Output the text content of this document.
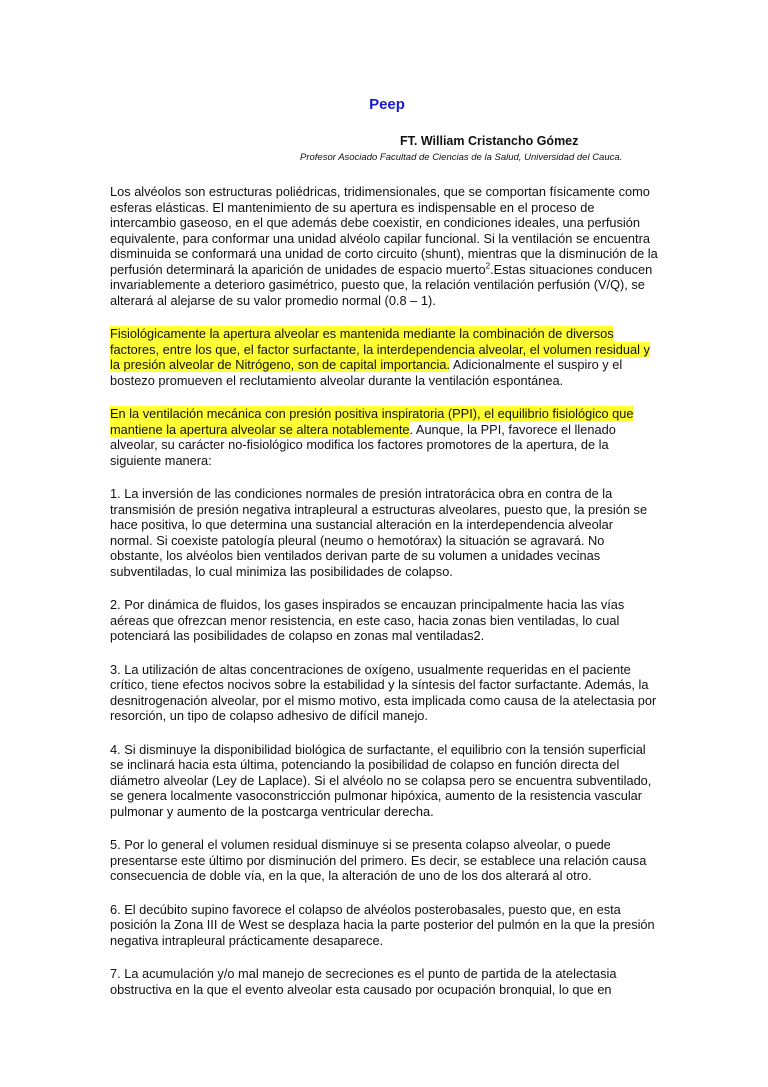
Peep
FT. William Cristancho Gómez
Profesor Asociado Facultad de Ciencias de la Salud, Universidad del Cauca.

Los alvéolos son estructuras poliédricas, tridimensionales, que se comportan físicamente como esferas elásticas. El mantenimiento de su apertura es indispensable en el proceso de intercambio gaseoso, en el que además debe coexistir, en condiciones ideales, una perfusión equivalente, para conformar una unidad alvéolo capilar funcional. Si la ventilación se encuentra disminuida se conformará una unidad de corto circuito (shunt), mientras que la disminución de la perfusión determinará la aparición de unidades de espacio muerto$^2$.Estas situaciones conducen invariablemente a deterioro gasimétrico, puesto que, la relación ventilación perfusión (V/Q), se alterará al alejarse de su valor promedio normal (0.8 – 1).

Fisiológicamente la apertura alveolar es mantenida mediante la combinación de diversos factores, entre los que, el factor surfactante, la interdependencia alveolar, el volumen residual y la presión alveolar de Nitrógeno, son de capital importancia. Adicionalmente el suspiro y el bostezo promueven el reclutamiento alveolar durante la ventilación espontánea.

En la ventilación mecánica con presión positiva inspiratoria (PPI), el equilibrio fisiológico que mantiene la apertura alveolar se altera notablemente. Aunque, la PPI, favorece el llenado alveolar, su carácter no-fisiológico modifica los factores promotores de la apertura, de la siguiente manera:

1. La inversión de las condiciones normales de presión intratorácica obra en contra de la transmisión de presión negativa intrapleural a estructuras alveolares, puesto que, la presión se hace positiva, lo que determina una sustancial alteración en la interdependencia alveolar normal. Si coexiste patología pleural (neumo o hemotórax) la situación se agravará. No obstante, los alvéolos bien ventilados derivan parte de su volumen a unidades vecinas subventiladas, lo cual minimiza las posibilidades de colapso.

2. Por dinámica de fluidos, los gases inspirados se encauzan principalmente hacia las vías aéreas que ofrezcan menor resistencia, en este caso, hacia zonas bien ventiladas, lo cual potenciará las posibilidades de colapso en zonas mal ventiladas2.

3. La utilización de altas concentraciones de oxígeno, usualmente requeridas en el paciente crítico, tiene efectos nocivos sobre la estabilidad y la síntesis del factor surfactante. Además, la desnitrogenación alveolar, por el mismo motivo, esta implicada como causa de la atelectasia por resorción, un tipo de colapso adhesivo de difícil manejo.

4. Si disminuye la disponibilidad biológica de surfactante, el equilibrio con la tensión superficial se inclinará hacia esta última, potenciando la posibilidad de colapso en función directa del diámetro alveolar (Ley de Laplace). Si el alvéolo no se colapsa pero se encuentra subventilado, se genera localmente vasoconstricción pulmonar hipóxica, aumento de la resistencia vascular pulmonar y aumento de la postcarga ventricular derecha.

5. Por lo general el volumen residual disminuye si se presenta colapso alveolar, o puede presentarse este último por disminución del primero. Es decir, se establece una relación causa consecuencia de doble vía, en la que, la alteración de uno de los dos alterará al otro.

6. El decúbito supino favorece el colapso de alvéolos posterobasales, puesto que, en esta posición la Zona III de West se desplaza hacia la parte posterior del pulmón en la que la presión negativa intrapleural prácticamente desaparece.

7. La acumulación y/o mal manejo de secreciones es el punto de partida de la atelectasia obstructiva en la que el evento alveolar esta causado por ocupación bronquial, lo que en
